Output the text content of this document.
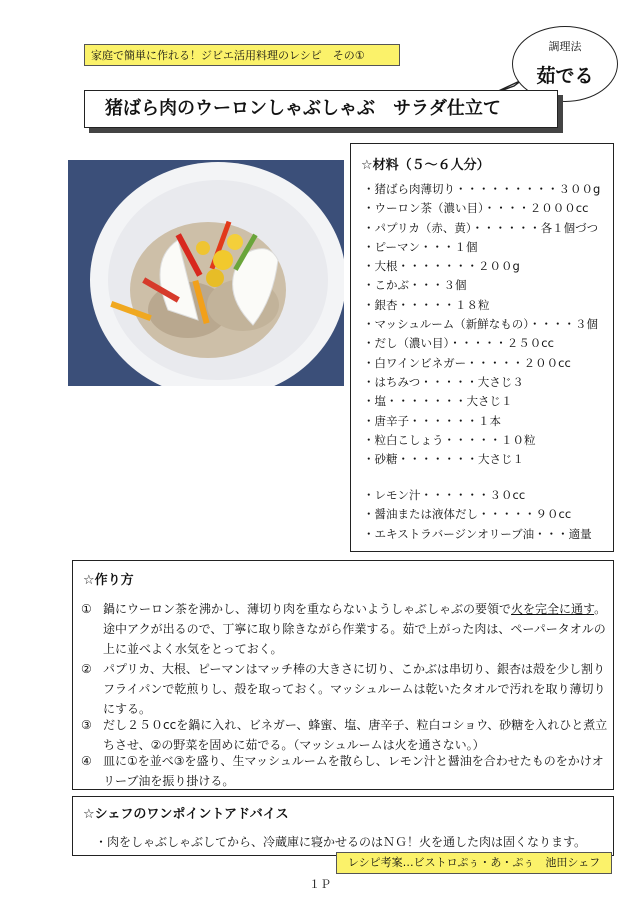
家庭で簡単に作れる！ジビエ活用料理のレシピ　その①
調理法
茹でる
猪ばら肉のウーロンしゃぶしゃぶ　サラダ仕立て
☆材料（５～６人分）
・猪ばら肉薄切り・・・・・・・・・３００g
・ウーロン茶（濃い目）・・・・２０００cc
・パプリカ（赤、黄）・・・・・・各１個づつ
・ピーマン・・・１個
・大根・・・・・・・２００g
・こかぶ・・・３個
・銀杏・・・・・１８粒
・マッシュルーム（新鮮なもの）・・・・３個
・だし（濃い目）・・・・・２５０cc
・白ワインビネガー・・・・・２００cc
・はちみつ・・・・・大さじ３
・塩・・・・・・・大さじ１
・唐辛子・・・・・・１本
・粒白こしょう・・・・・１０粒
・砂糖・・・・・・・大さじ１
・レモン汁・・・・・・３０cc
・醤油または液体だし・・・・・９０cc
・エキストラバージンオリーブ油・・・適量
☆作り方
① 鍋にウーロン茶を沸かし、薄切り肉を重ならないようしゃぶしゃぶの要領で火を完全に通す。途中アクが出るので、丁寧に取り除きながら作業する。茹で上がった肉は、ペーパータオルの上に並べよく水気をとっておく。
② パプリカ、大根、ピーマンはマッチ棒の大きさに切り、こかぶは串切り、銀杏は殻を少し割りフライパンで乾煎りし、殻を取っておく。マッシュルームは乾いたタオルで汚れを取り薄切りにする。
③ だし２５０ccを鍋に入れ、ビネガー、蜂蜜、塩、唐辛子、粒白コショウ、砂糖を入れひと煮立ちさせ、②の野菜を固めに茹でる。（マッシュルームは火を通さない。）
④ 皿に①を並べ③を盛り、生マッシュルームを散らし、レモン汁と醤油を合わせたものをかけオリーブ油を振り掛ける。
☆シェフのワンポイントアドバイス
・肉をしゃぶしゃぶしてから、冷蔵庫に寝かせるのはＮＧ！火を通した肉は固くなります。
レシピ考案…ビストロぷぅ・あ・ぷぅ　池田シェフ
１Ｐ
